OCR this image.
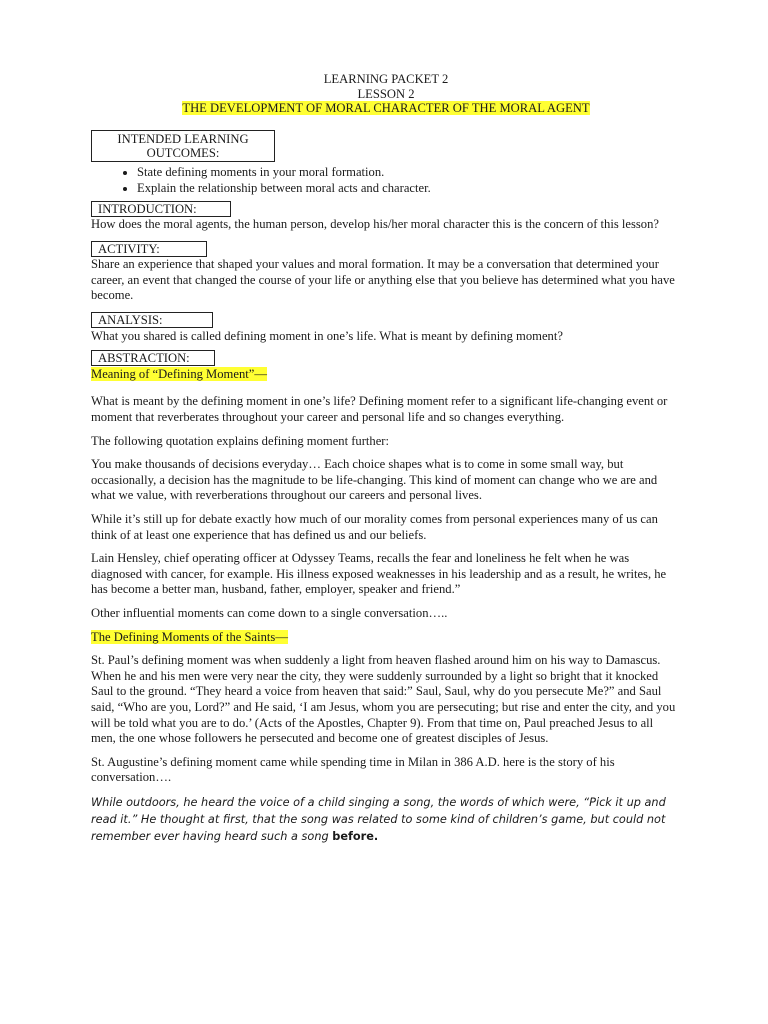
LEARNING PACKET 2
LESSON 2
THE DEVELOPMENT OF MORAL CHARACTER OF THE MORAL AGENT
INTENDED LEARNING OUTCOMES:
• State defining moments in your moral formation.
• Explain the relationship between moral acts and character.
INTRODUCTION:

How does the moral agents, the human person, develop his/her moral character this is the concern of this lesson?

ACTIVITY:

Share an experience that shaped your values and moral formation. It may be a conversation that determined your career, an event that changed the course of your life or anything else that you believe has determined what you have become.

ANALYSIS:

What you shared is called defining moment in one’s life. What is meant by defining moment?

ABSTRACTION:

Meaning of “Defining Moment”—

What is meant by the defining moment in one’s life? Defining moment refer to a significant life-changing event or moment that reverberates throughout your career and personal life and so changes everything.

The following quotation explains defining moment further:

You make thousands of decisions everyday… Each choice shapes what is to come in some small way, but occasionally, a decision has the magnitude to be life-changing. This kind of moment can change who we are and what we value, with reverberations throughout our careers and personal lives.

While it’s still up for debate exactly how much of our morality comes from personal experiences many of us can think of at least one experience that has defined us and our beliefs.

Lain Hensley, chief operating officer at Odyssey Teams, recalls the fear and loneliness he felt when he was diagnosed with cancer, for example. His illness exposed weaknesses in his leadership and as a result, he writes, he has become a better man, husband, father, employer, speaker and friend.”

Other influential moments can come down to a single conversation…..

The Defining Moments of the Saints—

St. Paul’s defining moment was when suddenly a light from heaven flashed around him on his way to Damascus. When he and his men were very near the city, they were suddenly surrounded by a light so bright that it knocked Saul to the ground. “They heard a voice from heaven that said:” Saul, Saul, why do you persecute Me?” and Saul said, “Who are you, Lord?” and He said, ‘I am Jesus, whom you are persecuting; but rise and enter the city, and you will be told what you are to do.’ (Acts of the Apostles, Chapter 9). From that time on, Paul preached Jesus to all men, the one whose followers he persecuted and become one of greatest disciples of Jesus.

St. Augustine’s defining moment came while spending time in Milan in 386 A.D. here is the story of his conversation….

While outdoors, he heard the voice of a child singing a song, the words of which were, “Pick it up and read it.” He thought at first, that the song was related to some kind of children’s game, but could not remember ever having heard such a song before.
